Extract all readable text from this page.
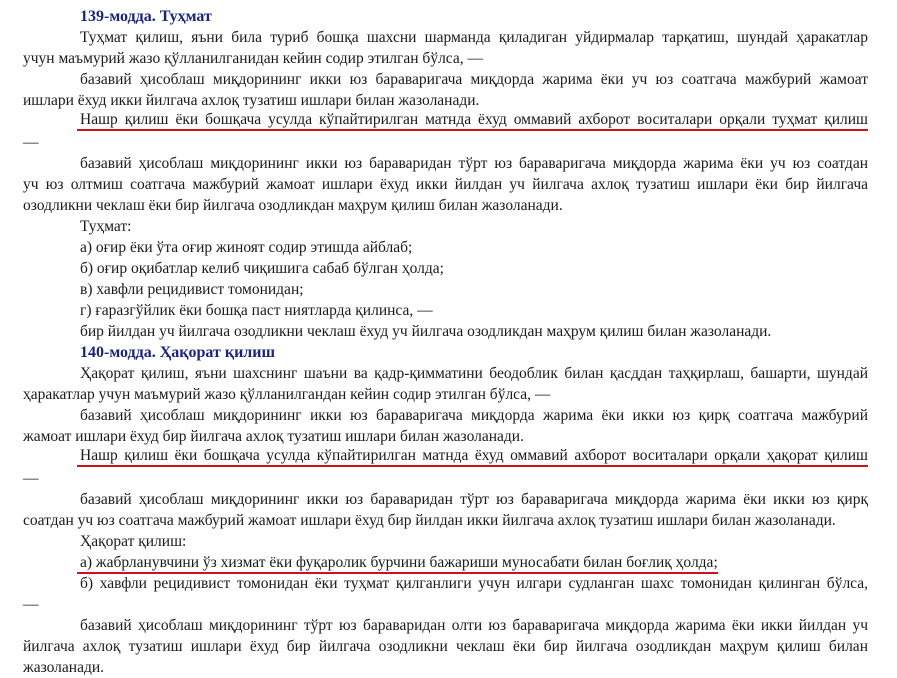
139-модда. Туҳмат
Туҳмат қилиш, яъни била туриб бошқа шахсни шарманда қиладиган уйдирмалар тарқатиш, шундай ҳаракатлар
учун маъмурий жазо қўлланилганидан кейин содир этилган бўлса, —
базавий ҳисоблаш миқдорининг икки юз бараваригача миқдорда жарима ёки уч юз соатгача мажбурий жамоат
ишлари ёхуд икки йилгача ахлоқ тузатиш ишлари билан жазоланади.
Нашр қилиш ёки бошқача усулда кўпайтирилган матнда ёхуд оммавий ахборот воситалари орқали туҳмат қилиш
—
базавий ҳисоблаш миқдорининг икки юз бараваридан тўрт юз бараваригача миқдорда жарима ёки уч юз соатдан
уч юз олтмиш соатгача мажбурий жамоат ишлари ёхуд икки йилдан уч йилгача ахлоқ тузатиш ишлари ёки бир йилгача
озодликни чеклаш ёки бир йилгача озодликдан маҳрум қилиш билан жазоланади.
Туҳмат:
а) оғир ёки ўта оғир жиноят содир этишда айблаб;
б) оғир оқибатлар келиб чиқишига сабаб бўлган ҳолда;
в) хавфли рецидивист томонидан;
г) ғаразгўйлик ёки бошқа паст ниятларда қилинса, —
бир йилдан уч йилгача озодликни чеклаш ёхуд уч йилгача озодликдан маҳрум қилиш билан жазоланади.
140-модда. Ҳақорат қилиш
Ҳақорат қилиш, яъни шахснинг шаъни ва қадр-қимматини беодоблик билан қасддан таҳқирлаш, башарти, шундай
ҳаракатлар учун маъмурий жазо қўлланилгандан кейин содир этилган бўлса, —
базавий ҳисоблаш миқдорининг икки юз бараваригача миқдорда жарима ёки икки юз қирқ соатгача мажбурий
жамоат ишлари ёхуд бир йилгача ахлоқ тузатиш ишлари билан жазоланади.
Нашр қилиш ёки бошқача усулда кўпайтирилган матнда ёхуд оммавий ахборот воситалари орқали ҳақорат қилиш
—
базавий ҳисоблаш миқдорининг икки юз бараваридан тўрт юз бараваригача миқдорда жарима ёки икки юз қирқ
соатдан уч юз соатгача мажбурий жамоат ишлари ёхуд бир йилдан икки йилгача ахлоқ тузатиш ишлари билан жазоланади.
Ҳақорат қилиш:
а) жабрланувчини ўз хизмат ёки фуқаролик бурчини бажариши муносабати билан боғлиқ ҳолда;
б) хавфли рецидивист томонидан ёки туҳмат қилганлиги учун илгари судланган шахс томонидан қилинган бўлса,
—
базавий ҳисоблаш миқдорининг тўрт юз бараваридан олти юз бараваригача миқдорда жарима ёки икки йилдан уч
йилгача ахлоқ тузатиш ишлари ёхуд бир йилгача озодликни чеклаш ёки бир йилгача озодликдан маҳрум қилиш билан
жазоланади.
